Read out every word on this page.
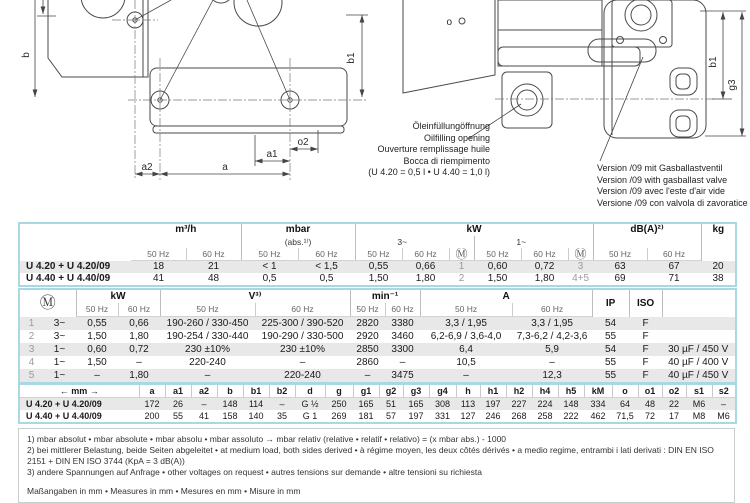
b	b1
a2	a
a1
o2
b1
g3
o
Öleinfüllungöffnung
Oilfilling opening
Ouverture remplissage huile
Bocca di riempimento
(U 4.20 = 0,5 l • U 4.40 = 1,0 l)	Version /09 mit Gasballastventil
Version /09 with gasballast valve
Version /09 avec l'este d'air vide
Versione /09 con valvola di zavoratice
	m³/h		mbar		kW						dB(A)²⁾		kg
			(abs.¹⁾)		3~			1~					
	50 Hz	60 Hz	50 Hz	60 Hz	50 Hz	60 Hz	Ⓜ	50 Hz	60 Hz	Ⓜ	50 Hz	60 Hz	
U 4.20 + U 4.20/09	18	21	< 1	< 1,5	0,55	0,66	1	0,60	0,72	3	63	67	20
U 4.40 + U 4.40/09	41	48	0,5	0,5	1,50	1,80	2	1,50	1,80	4+5	69	71	38
Ⓜ		kW		V³⁾		min⁻¹		A		IP	ISO	
		50 Hz	60 Hz	50 Hz	60 Hz	50 Hz	60 Hz	50 Hz	60 Hz			
1	3~	0,55	0,66	190-260 / 330-450	225-300 / 390-520	2820	3380	3,3 / 1,95	3,3 / 1,95	54	F	
2	3~	1,50	1,80	190-254 / 330-440	190-290 / 330-500	2920	3460	6,2-6,9 / 3,6-4,0	7,3-6,2 / 4,2-3,6	55	F	
3	1~	0,60	0,72	230 ±10%	230 ±10%	2850	3300	6,4	5,9	54	F	30 µF / 450 V
4	1~	1,50	–	220-240	–	2860	–	10,5	–	55	F	40 µF / 400 V
5	1~	–	1,80	–	220-240	–	3475	–	12,3	55	F	40 µF / 450 V
← mm →	a	a1	a2	b	b1	b2	d	g	g1	g2	g3	g4	h	h1	h2	h4	h5	kM	o	o1	o2	s1	s2
U 4.20 + U 4.20/09	172	26	–	148	114	–	G ½	250	165	51	165	308	113	197	227	224	148	334	64	48	22	M6	–
U 4.40 + U 4.40/09	200	55	41	158	140	35	G 1	269	181	57	197	331	127	246	268	258	222	462	71,5	72	17	M8	M6
1) mbar absolut • mbar absolute • mbar absolu • mbar assoluto → mbar relativ (relative • relatif • relativo) = (x mbar abs.) - 1000
2) bei mittlerer Belastung, beide Seiten abgeleitet • at medium load, both sides derived • à régime moyen, les deux côtés dérivés • a medio regime, entrambi i lati derivati : DIN EN ISO 2151 + DIN EN ISO 3744 (KpA = 3 dB(A))
3) andere Spannungen auf Anfrage • other voltages on request • autres tensions sur demande • altre tensioni su richiesta
Maßangaben in mm • Measures in mm • Mesures en mm • Misure in mm
